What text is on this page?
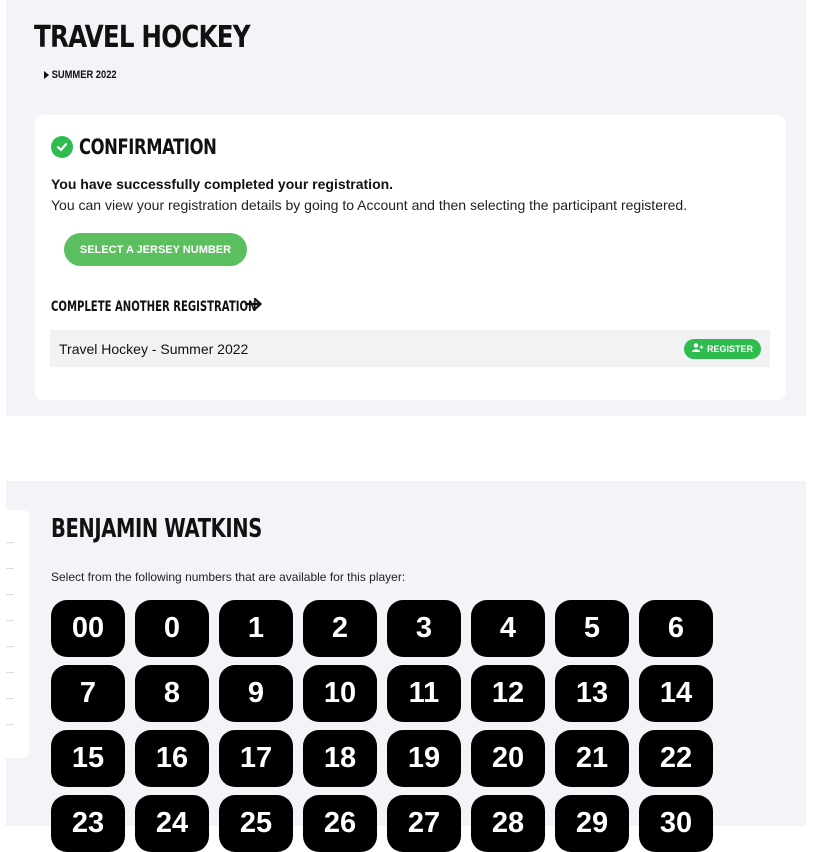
TRAVEL HOCKEY
SUMMER 2022
CONFIRMATION
You have successfully completed your registration.
You can view your registration details by going to Account and then selecting the participant registered.
SELECT A JERSEY NUMBER
COMPLETE ANOTHER REGISTRATION
Travel Hockey - Summer 2022	REGISTER
BENJAMIN WATKINS
Select from the following numbers that are available for this player:
00	0	1	2	3	4	5	6
7	8	9	10	11	12	13	14
15	16	17	18	19	20	21	22
23	24	25	26	27	28	29	30
